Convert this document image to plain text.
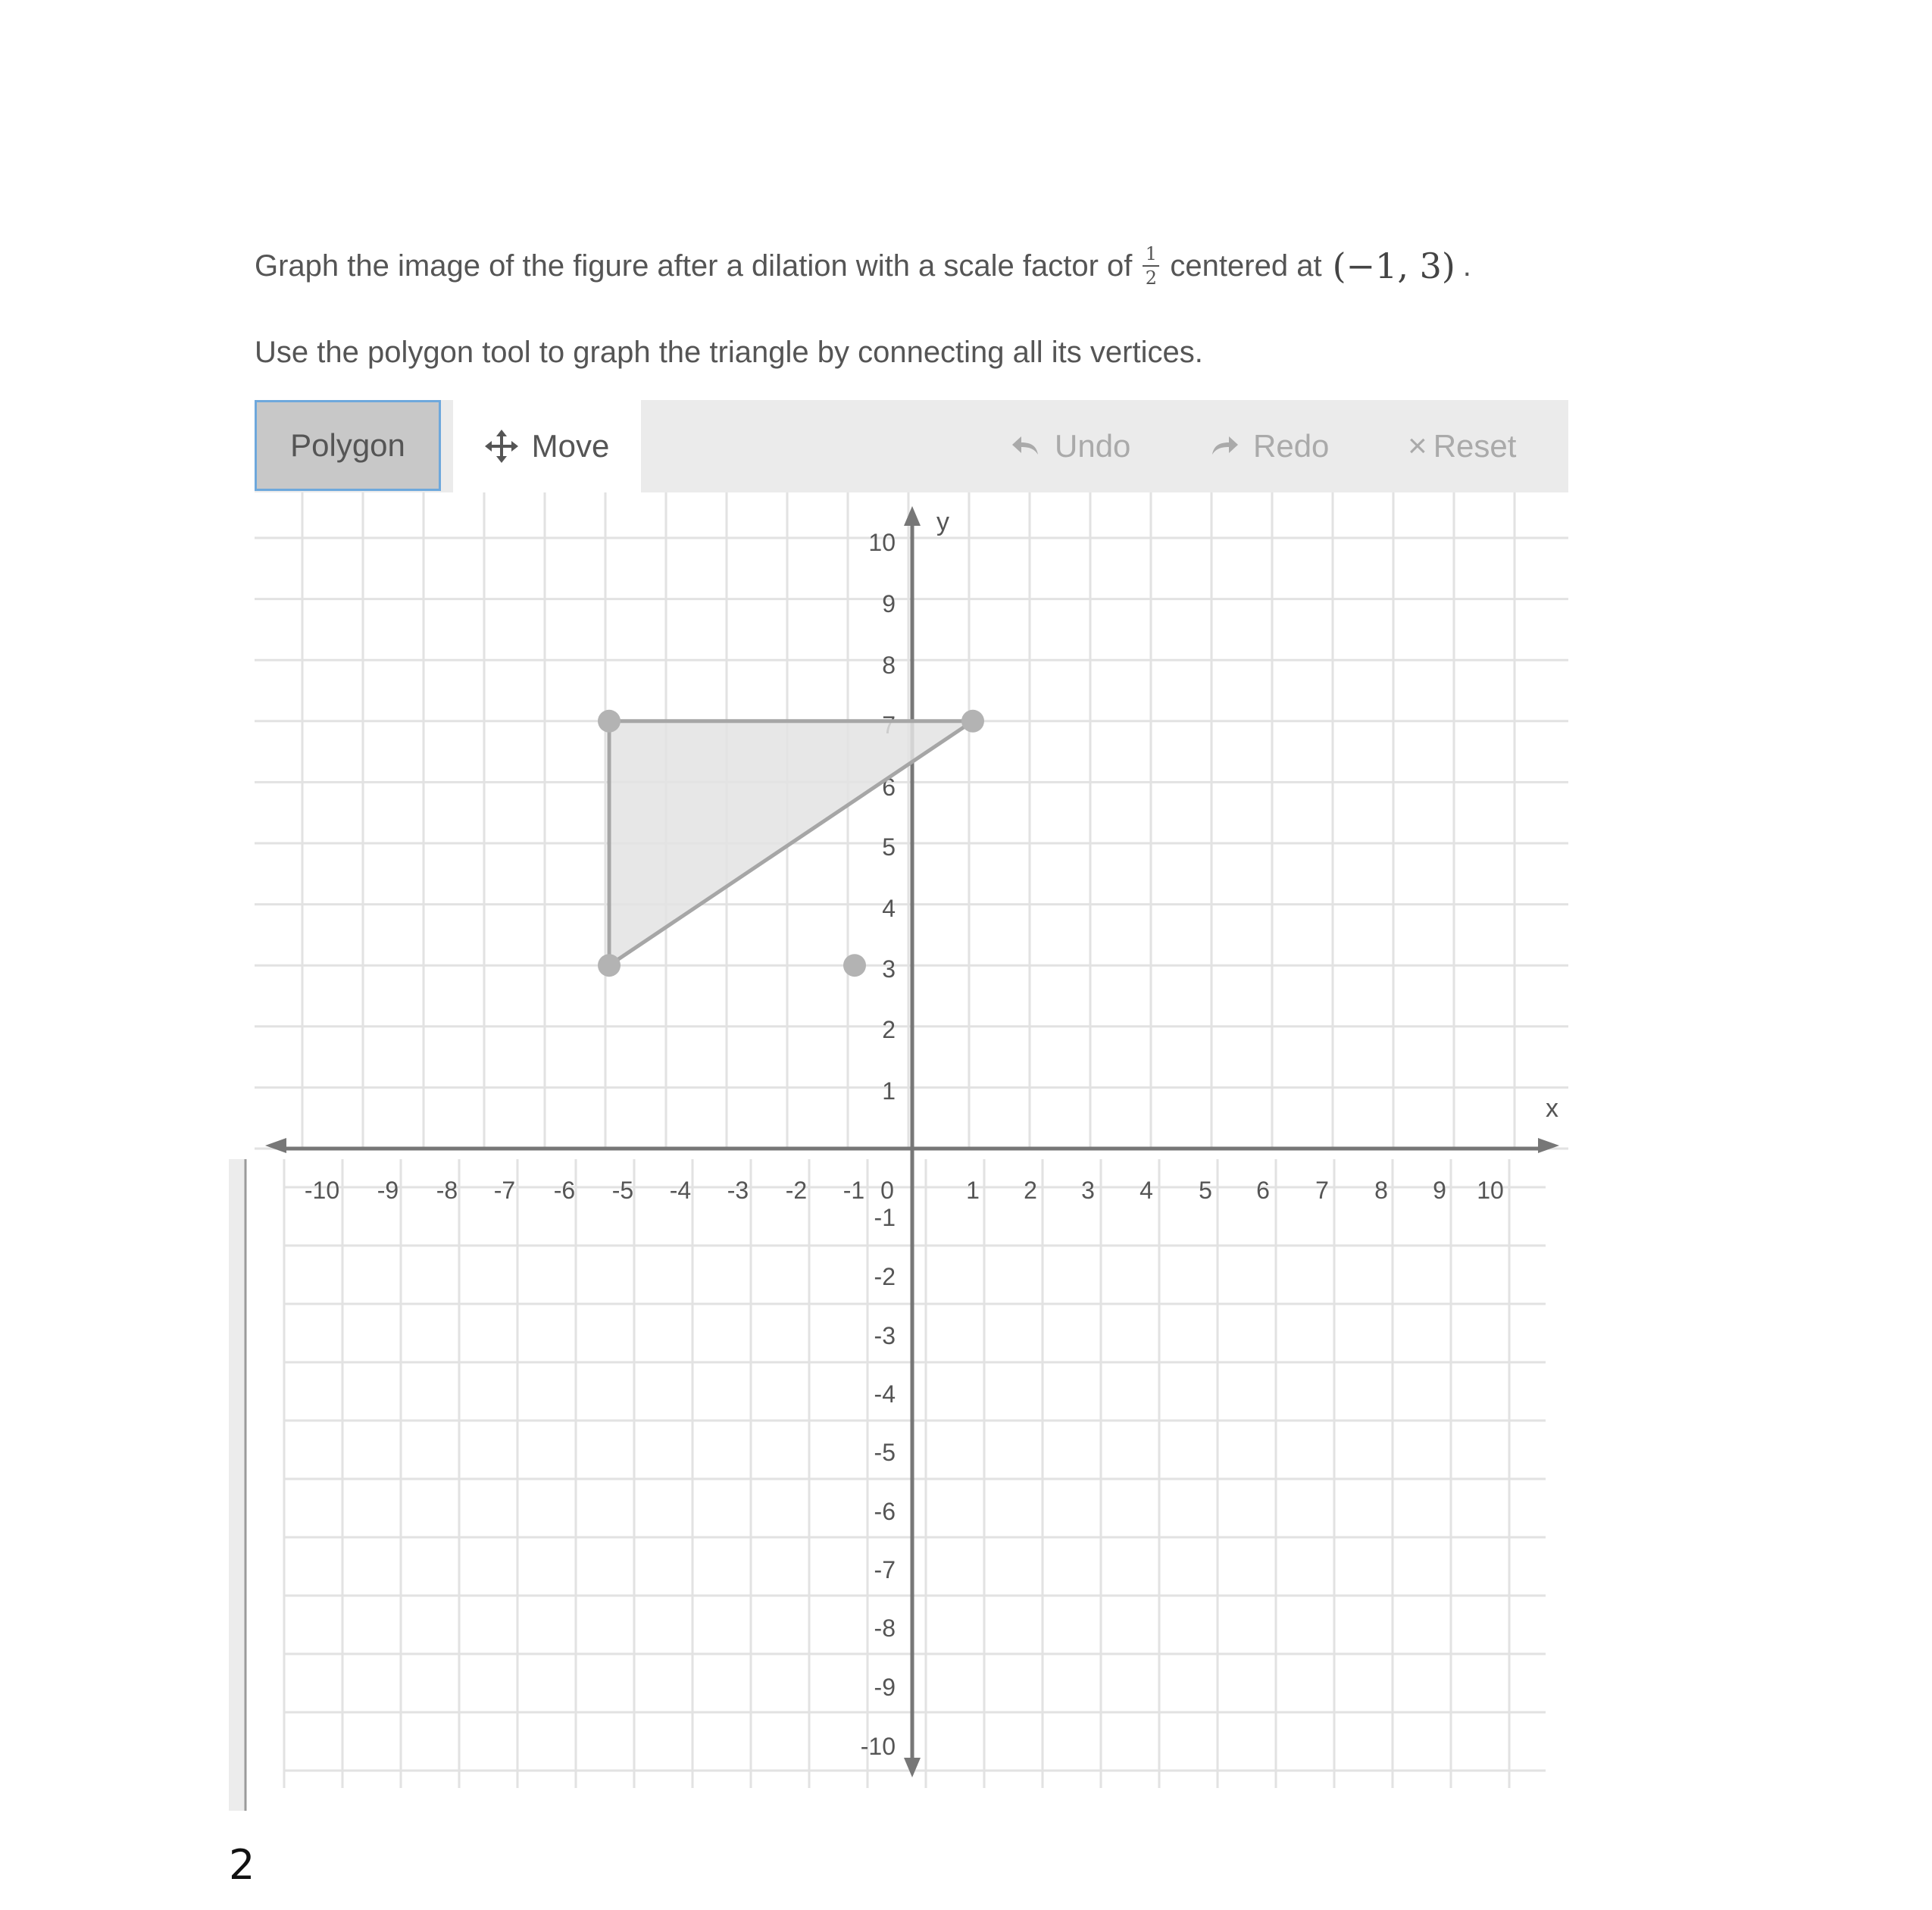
Graph the image of the figure after a dilation with a scale factor of $\frac{1}{2}$ centered at (−1, 3) .
Use the polygon tool to graph the triangle by connecting all its vertices.
Polygon	Move	Undo	Redo × Reset
x
y
-10 -9 -8 -7 -6 -5 -4 -3 -2 -1	1 2 3 4 5 6 7 8 9 10
0
10
9
8
6
5
4
3
2
1
-1
-2
-3
-4
-5
-6
-7
-8
-9
-10
2
